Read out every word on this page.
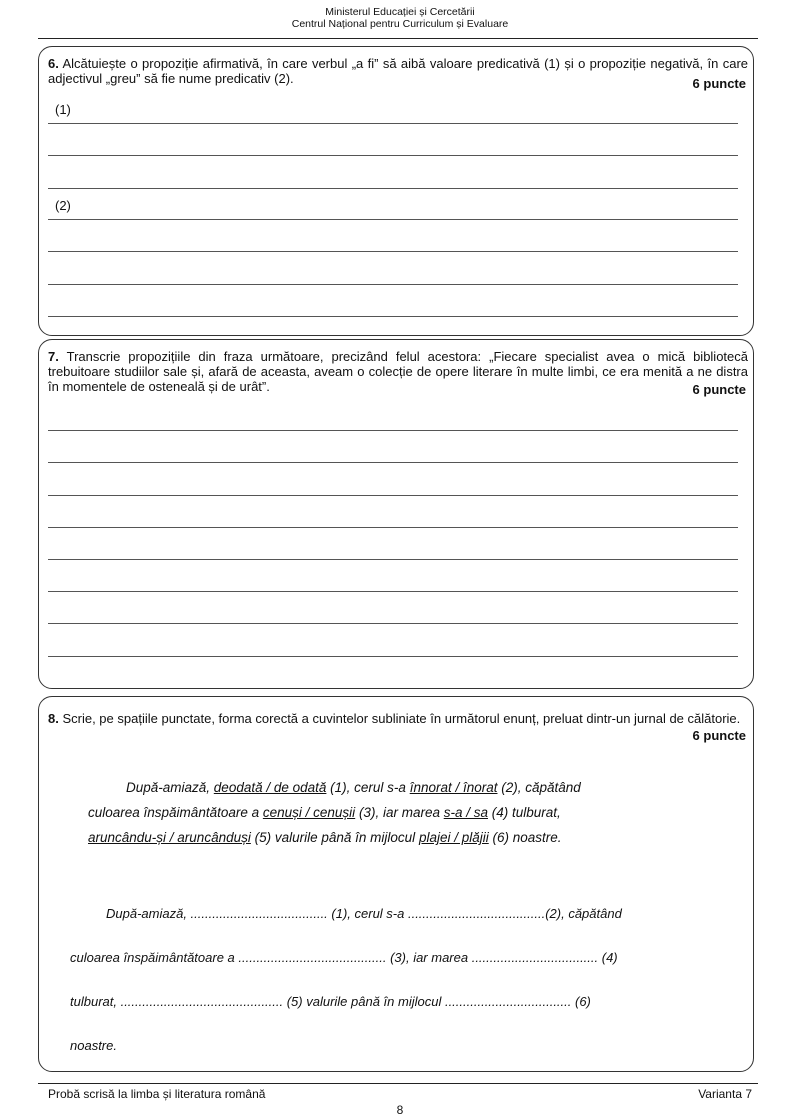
Ministerul Educației și Cercetării
Centrul Național pentru Curriculum și Evaluare
6. Alcătuiește o propoziție afirmativă, în care verbul „a fi” să aibă valoare predicativă (1) și o propoziție negativă, în care adjectivul „greu” să fie nume predicativ (2).	6 puncte
(1)
(2)
7. Transcrie propozițiile din fraza următoare, precizând felul acestora: „Fiecare specialist avea o mică bibliotecă trebuitoare studiilor sale și, afară de aceasta, aveam o colecție de opere literare în multe limbi, ce era menită a ne distra în momentele de osteneală și de urât”.	6 puncte
8. Scrie, pe spațiile punctate, forma corectă a cuvintelor subliniate în următorul enunț, preluat dintr-un jurnal de călătorie.
6 puncte
După-amiază, deodată / de odată (1), cerul s-a înnorat / înorat (2), căpătând
culoarea înspăimântătoare a cenuși / cenușii (3), iar marea s-a / sa (4) tulburat,
aruncându-și / aruncânduși (5) valurile până în mijlocul plajei / plăjii (6) noastre.
După-amiază, ...................................... (1), cerul s-a ......................................(2), căpătând
culoarea înspăimântătoare a ......................................... (3), iar marea ................................... (4)
tulburat, ............................................. (5) valurile până în mijlocul ................................... (6)
noastre.
Probă scrisă la limba și literatura română	Varianta 7
8
